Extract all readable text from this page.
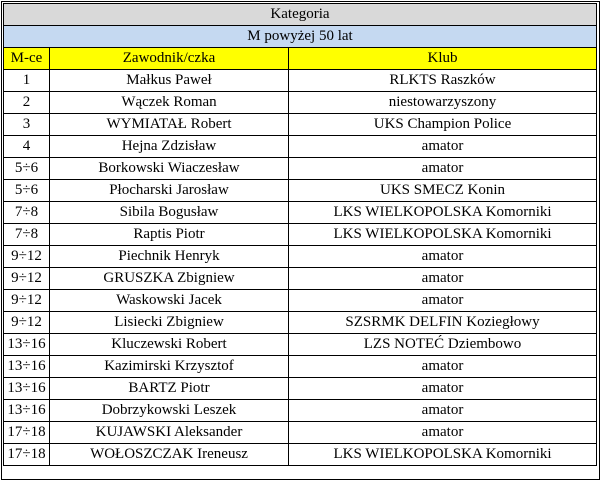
Kategoria		
M powyżej 50 lat		
M-ce	Zawodnik/czka	Klub
1	Małkus Paweł	RLKTS Raszków
2	Wączek Roman	niestowarzyszony
3	WYMIATAŁ Robert	UKS Champion Police
4	Hejna Zdzisław	amator
5÷6	Borkowski Wiaczesław	amator
5÷6	Płocharski Jarosław	UKS SMECZ Konin
7÷8	Sibila Bogusław	LKS WIELKOPOLSKA Komorniki
7÷8	Raptis Piotr	LKS WIELKOPOLSKA Komorniki
9÷12	Piechnik Henryk	amator
9÷12	GRUSZKA Zbigniew	amator
9÷12	Waskowski Jacek	amator
9÷12	Lisiecki Zbigniew	SZSRMK DELFIN Koziegłowy
13÷16	Kluczewski Robert	LZS NOTEĆ Dziembowo
13÷16	Kazimirski Krzysztof	amator
13÷16	BARTZ Piotr	amator
13÷16	Dobrzykowski Leszek	amator
17÷18	KUJAWSKI Aleksander	amator
17÷18	WOŁOSZCZAK Ireneusz	LKS WIELKOPOLSKA Komorniki
